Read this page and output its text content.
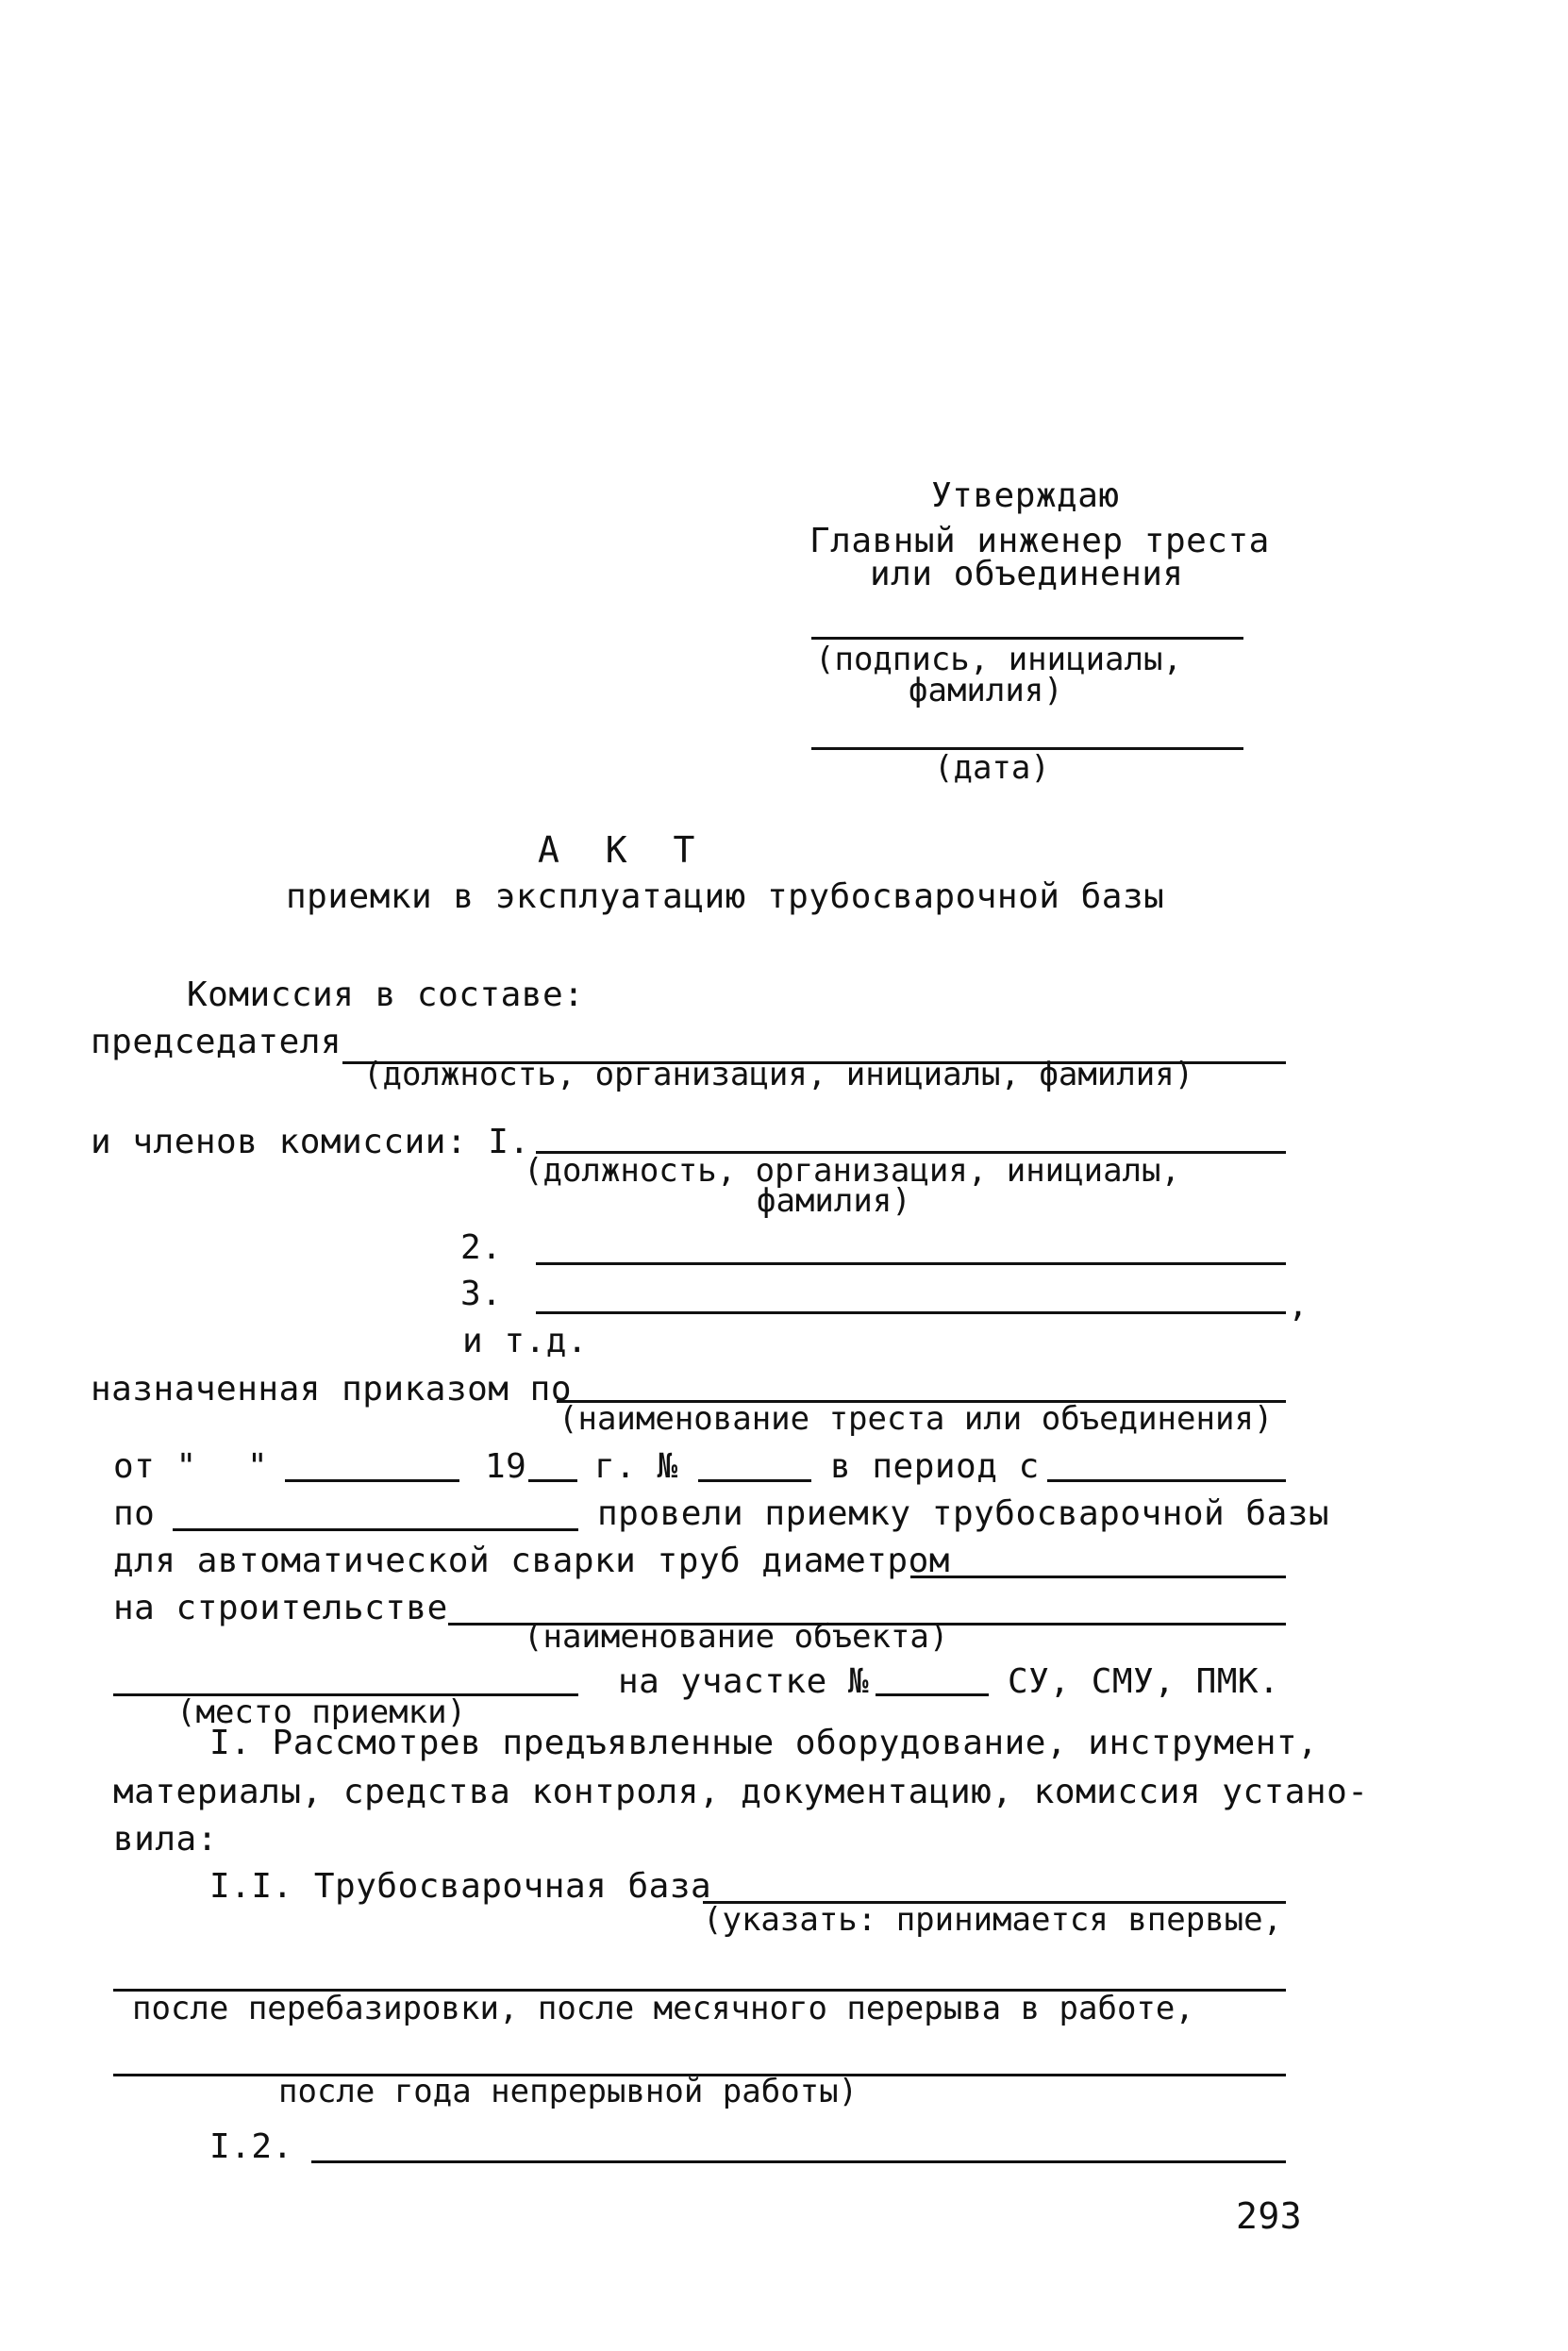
Утверждаю
Главный инженер треста
или объединения
(подпись, инициалы,
фамилия)
(дата)
А К Т
приемки в эксплуатацию трубосварочной базы
Комиссия в составе:
председателя
(должность, организация, инициалы, фамилия)
и членов комиссии: I.
(должность, организация, инициалы,
фамилия)
2.
3.	,
и т.д.
назначенная приказом по
(наименование треста или объединения)
от " "	19 г. №	в период с
по	провели приемку трубосварочной базы
для автоматической сварки труб диаметром
на строительстве
(наименование объекта)
на участке №	СУ, СМУ, ПМК.
(место приемки)
I. Рассмотрев предъявленные оборудование, инструмент,
материалы, средства контроля, документацию, комиссия устано-
вила:
I.I. Трубосварочная база
(указать: принимается впервые,
после перебазировки, после месячного перерыва в работе,
после года непрерывной работы)
I.2.
293
